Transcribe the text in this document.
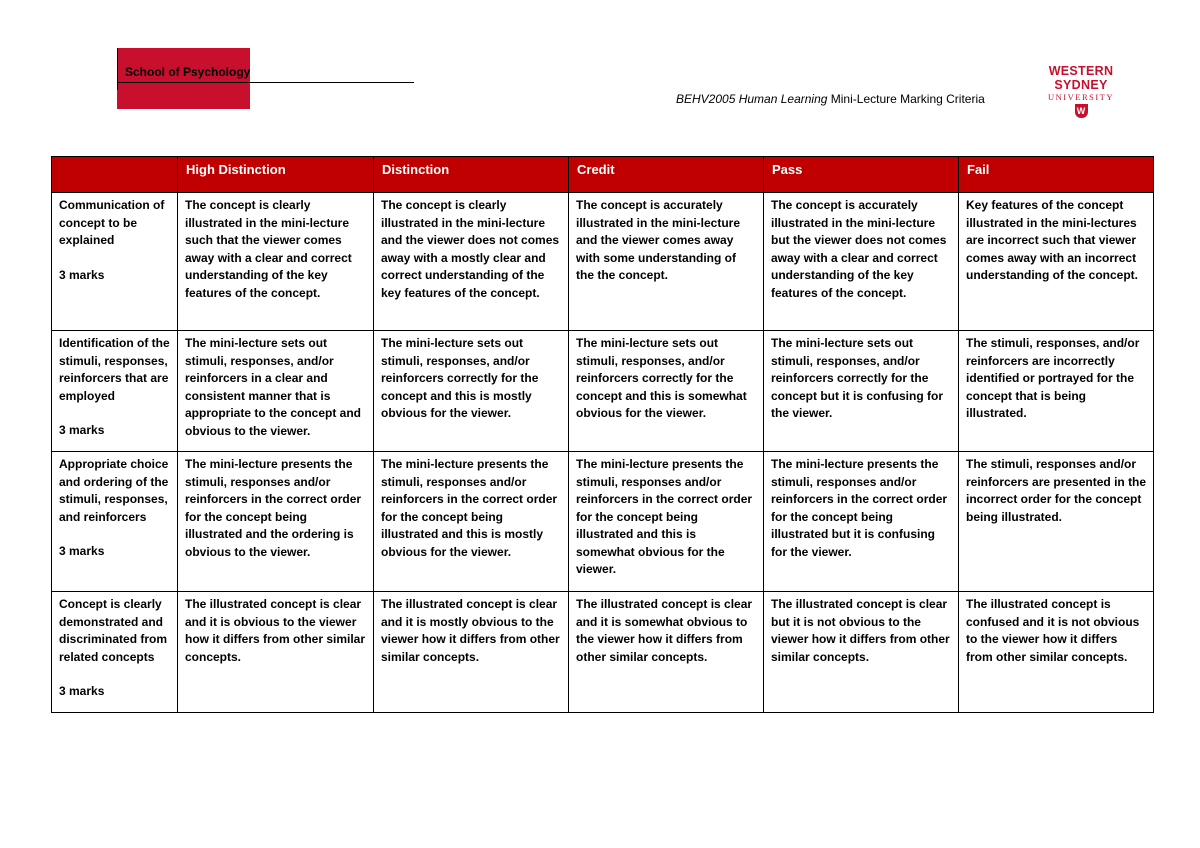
School of Psychology	WESTERN SYDNEY
UNIVERSITY
W
BEHV2005 Human Learning Mini-Lecture Marking Criteria
	High Distinction	Distinction	Credit	Pass	Fail
Communication of concept to be explained
3 marks	The concept is clearly illustrated in the mini-lecture such that the viewer comes away with a clear and correct understanding of the key features of the concept.	The concept is clearly illustrated in the mini-lecture and the viewer does not comes away with a mostly clear and correct understanding of the key features of the concept.	The concept is accurately illustrated in the mini-lecture and the viewer comes away with some understanding of the the concept.	The concept is accurately illustrated in the mini-lecture but the viewer does not comes away with a clear and correct understanding of the key features of the concept.	Key features of the concept illustrated in the mini-lectures are incorrect such that viewer comes away with an incorrect understanding of the concept.
Identification of the stimuli, responses, reinforcers that are employed
3 marks	The mini-lecture sets out stimuli, responses, and/or reinforcers in a clear and consistent manner that is appropriate to the concept and obvious to the viewer.	The mini-lecture sets out stimuli, responses, and/or reinforcers correctly for the concept and this is mostly obvious for the viewer.	The mini-lecture sets out stimuli, responses, and/or reinforcers correctly for the concept and this is somewhat obvious for the viewer.	The mini-lecture sets out stimuli, responses, and/or reinforcers correctly for the concept but it is confusing for the viewer.	The stimuli, responses, and/or reinforcers are incorrectly identified or portrayed for the concept that is being illustrated.
Appropriate choice and ordering of the stimuli, responses, and reinforcers
3 marks	The mini-lecture presents the stimuli, responses and/or reinforcers in the correct order for the concept being illustrated and the ordering is obvious to the viewer.	The mini-lecture presents the stimuli, responses and/or reinforcers in the correct order for the concept being illustrated and this is mostly obvious for the viewer.	The mini-lecture presents the stimuli, responses and/or reinforcers in the correct order for the concept being illustrated and this is somewhat obvious for the viewer.	The mini-lecture presents the stimuli, responses and/or reinforcers in the correct order for the concept being illustrated but it is confusing for the viewer.	The stimuli, responses and/or reinforcers are presented in the incorrect order for the concept being illustrated.
Concept is clearly demonstrated and discriminated from related concepts
3 marks	The illustrated concept is clear and it is obvious to the viewer how it differs from other similar concepts.	The illustrated concept is clear and it is mostly obvious to the viewer how it differs from other similar concepts.	The illustrated concept is clear and it is somewhat obvious to the viewer how it differs from other similar concepts.	The illustrated concept is clear but it is not obvious to the viewer how it differs from other similar concepts.	The illustrated concept is confused and it is not obvious to the viewer how it differs from other similar concepts.
